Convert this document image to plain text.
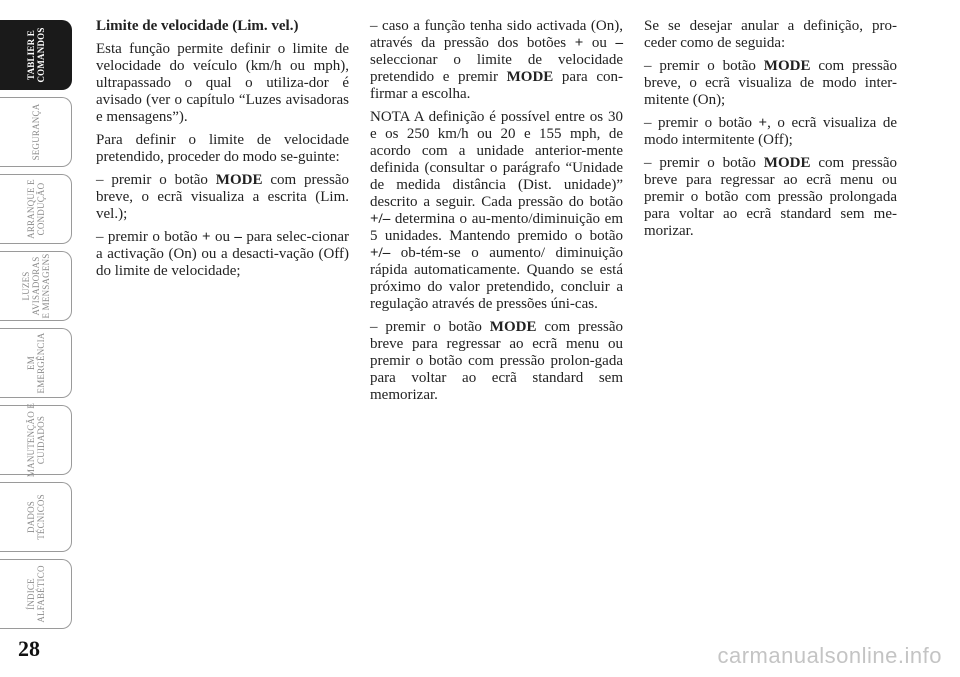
TABLIER E
COMANDOS
SEGURANÇA
ARRANQUE E
CONDUÇÃO
LUZES
AVISADORAS
E MENSAGENS
EM
EMERGÊNCIA
MANUTENÇÃO E
CUIDADOS
DADOS
TÉCNICOS
ÍNDICE
ALFABÉTICO
28

Limite de velocidade (Lim. vel.)

Esta função permite definir o limite de velocidade do veículo (km/h ou mph), ultrapassado o qual o utiliza-dor é avisado (ver o capítulo “Luzes avisadoras e mensagens”).

Para definir o limite de velocidade pretendido, proceder do modo se-guinte:

– premir o botão MODE com pressão breve, o ecrã visualiza a escrita (Lim. vel.);

– premir o botão + ou – para selec-cionar a activação (On) ou a desacti-vação (Off) do limite de velocidade;

– caso a função tenha sido activada (On), através da pressão dos botões + ou – seleccionar o limite de velocidade pretendido e premir MODE para con-firmar a escolha.

NOTA A definição é possível entre os 30 e os 250 km/h ou 20 e 155 mph, de acordo com a unidade anterior-mente definida (consultar o parágrafo “Unidade de medida distância (Dist. unidade)” descrito a seguir. Cada pressão do botão +/– determina o au-mento/diminuição em 5 unidades. Mantendo premido o botão +/– ob-tém-se o aumento/ diminuição rápida automaticamente. Quando se está próximo do valor pretendido, concluir a regulação através de pressões úni-cas.

– premir o botão MODE com pressão breve para regressar ao ecrã menu ou premir o botão com pressão prolon-gada para voltar ao ecrã standard sem memorizar.

Se se desejar anular a definição, pro-ceder como de seguida:

– premir o botão MODE com pressão breve, o ecrã visualiza de modo inter-mitente (On);

– premir o botão +, o ecrã visualiza de modo intermitente (Off);

– premir o botão MODE com pressão breve para regressar ao ecrã menu ou premir o botão com pressão prolongada para voltar ao ecrã standard sem me-morizar.

carmanualsonline.info
